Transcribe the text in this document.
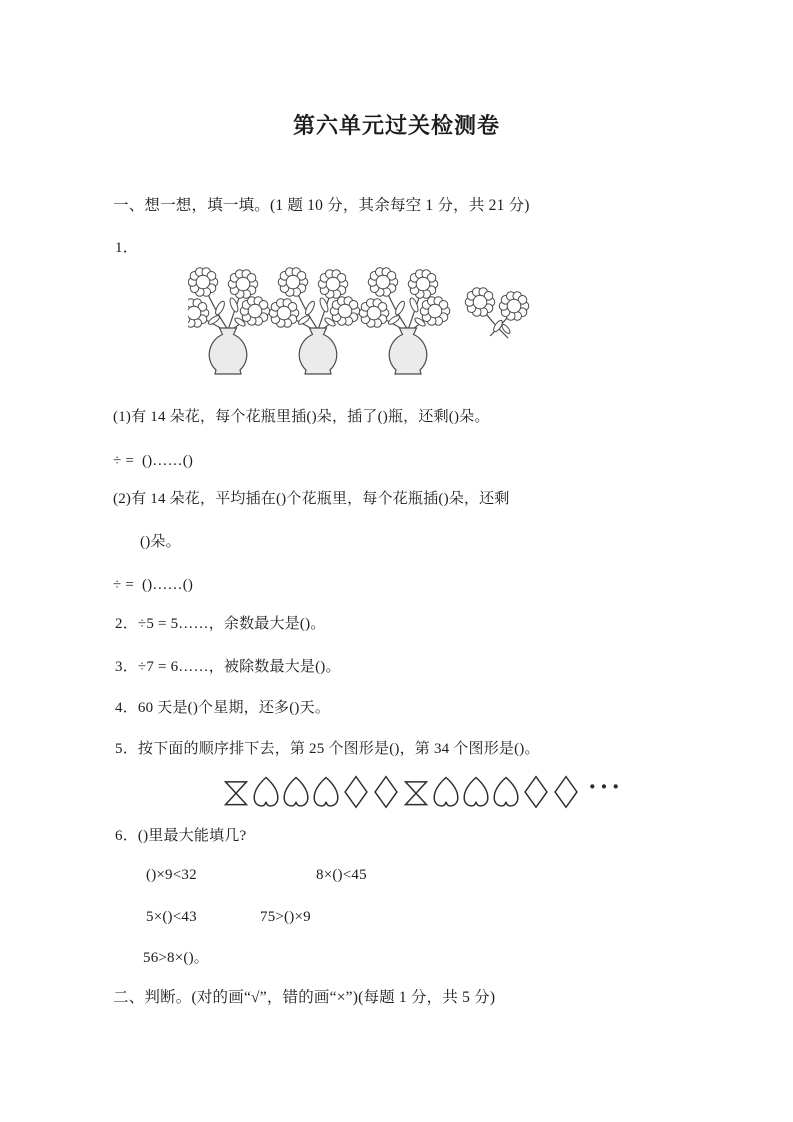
第六单元过关检测卷
一、想一想，填一填。(1 题 10 分，其余每空 1 分，共 21 分)
1．
(1)有 14 朵花，每个花瓶里插()朵，插了()瓶，还剩()朵。
÷ =  ()……()
(2)有 14 朵花，平均插在()个花瓶里，每个花瓶插()朵，还剩
()朵。
÷ =  ()……()
2．÷5 = 5……，余数最大是()。
3．÷7 = 6……，被除数最大是()。
4．60 天是()个星期，还多()天。
5．按下面的顺序排下去，第 25 个图形是()，第 34 个图形是()。
···
6．()里最大能填几?
()×9<32	8×()<45
5×()<43	75>()×9
56>8×()。
二、判断。(对的画“√”，错的画“×”)(每题 1 分，共 5 分)
